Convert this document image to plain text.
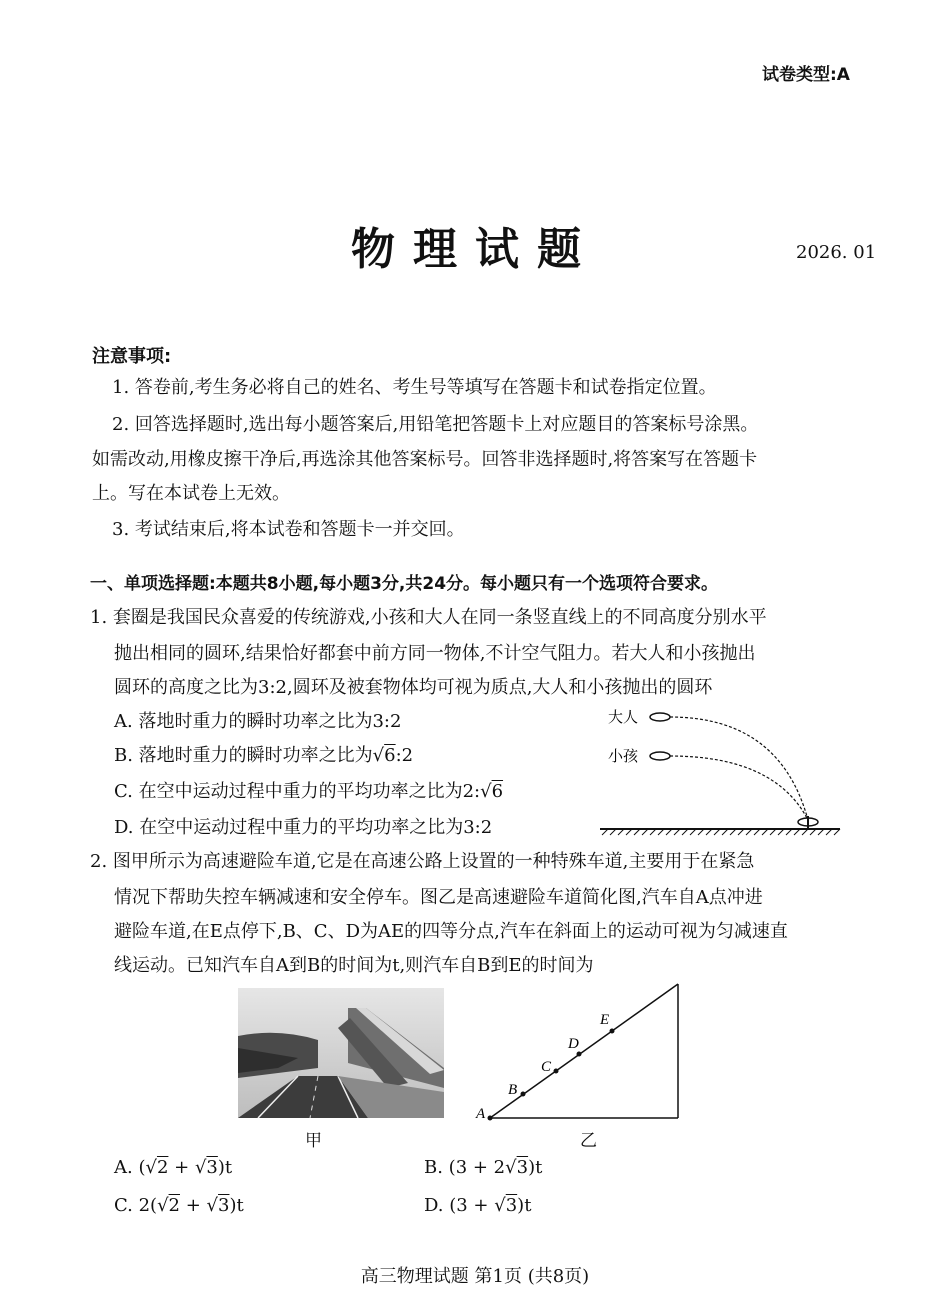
试卷类型:A
物理试题	2026. 01
注意事项:
1. 答卷前,考生务必将自己的姓名、考生号等填写在答题卡和试卷指定位置。
2. 回答选择题时,选出每小题答案后,用铅笔把答题卡上对应题目的答案标号涂黑。
如需改动,用橡皮擦干净后,再选涂其他答案标号。回答非选择题时,将答案写在答题卡
上。写在本试卷上无效。
3. 考试结束后,将本试卷和答题卡一并交回。
一、单项选择题:本题共8小题,每小题3分,共24分。每小题只有一个选项符合要求。
1. 套圈是我国民众喜爱的传统游戏,小孩和大人在同一条竖直线上的不同高度分别水平
抛出相同的圆环,结果恰好都套中前方同一物体,不计空气阻力。若大人和小孩抛出
圆环的高度之比为3:2,圆环及被套物体均可视为质点,大人和小孩抛出的圆环
A. 落地时重力的瞬时功率之比为3:2
B. 落地时重力的瞬时功率之比为√6:2
C. 在空中运动过程中重力的平均功率之比为2:√6
D. 在空中运动过程中重力的平均功率之比为3:2
大人
小孩
2. 图甲所示为高速避险车道,它是在高速公路上设置的一种特殊车道,主要用于在紧急
情况下帮助失控车辆减速和安全停车。图乙是高速避险车道简化图,汽车自A点冲进
避险车道,在E点停下,B、C、D为AE的四等分点,汽车在斜面上的运动可视为匀减速直
线运动。已知汽车自A到B的时间为t,则汽车自B到E的时间为
甲
A
B
C
D
E
乙
A. (√2 + √3)t	B. (3 + 2√3)t
C. 2(√2 + √3)t	D. (3 + √3)t
高三物理试题 第1页 (共8页)
